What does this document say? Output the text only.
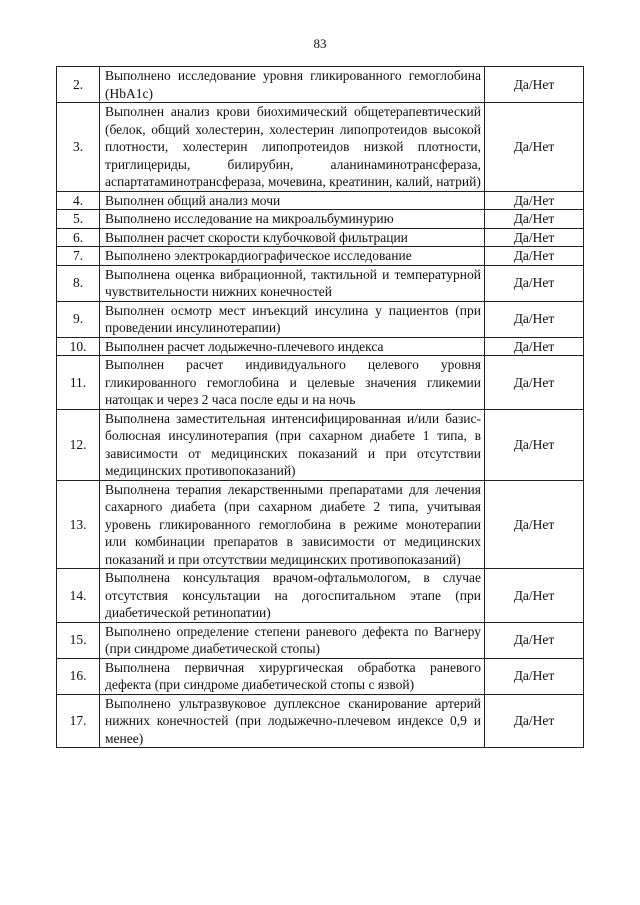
83
2.	Выполнено исследование уровня гликированного гемоглобина (HbA1c)	Да/Нет
3.	Выполнен анализ крови биохимический общетерапевтический (белок, общий холестерин, холестерин липопротеидов высокой плотности, холестерин липопротеидов низкой плотности, триглицериды, билирубин, аланинаминотрансфераза, аспартатаминотрансфераза, мочевина, креатинин, калий, натрий)	Да/Нет
4.	Выполнен общий анализ мочи	Да/Нет
5.	Выполнено исследование на микроальбуминурию	Да/Нет
6.	Выполнен расчет скорости клубочковой фильтрации	Да/Нет
7.	Выполнено электрокардиографическое исследование	Да/Нет
8.	Выполнена оценка вибрационной, тактильной и температурной чувствительности нижних конечностей	Да/Нет
9.	Выполнен осмотр мест инъекций инсулина у пациентов (при проведении инсулинотерапии)	Да/Нет
10.	Выполнен расчет лодыжечно-плечевого индекса	Да/Нет
11.	Выполнен расчет индивидуального целевого уровня гликированного гемоглобина и целевые значения гликемии натощак и через 2 часа после еды и на ночь	Да/Нет
12.	Выполнена заместительная интенсифицированная и/или базис-болюсная инсулинотерапия (при сахарном диабете 1 типа, в зависимости от медицинских показаний и при отсутствии медицинских противопоказаний)	Да/Нет
13.	Выполнена терапия лекарственными препаратами для лечения сахарного диабета (при сахарном диабете 2 типа, учитывая уровень гликированного гемоглобина в режиме монотерапии или комбинации препаратов в зависимости от медицинских показаний и при отсутствии медицинских противопоказаний)	Да/Нет
14.	Выполнена консультация врачом-офтальмологом, в случае отсутствия консультации на догоспитальном этапе (при диабетической ретинопатии)	Да/Нет
15.	Выполнено определение степени раневого дефекта по Вагнеру (при синдроме диабетической стопы)	Да/Нет
16.	Выполнена первичная хирургическая обработка раневого дефекта (при синдроме диабетической стопы с язвой)	Да/Нет
17.	Выполнено ультразвуковое дуплексное сканирование артерий нижних конечностей (при лодыжечно-плечевом индексе 0,9 и менее)	Да/Нет
